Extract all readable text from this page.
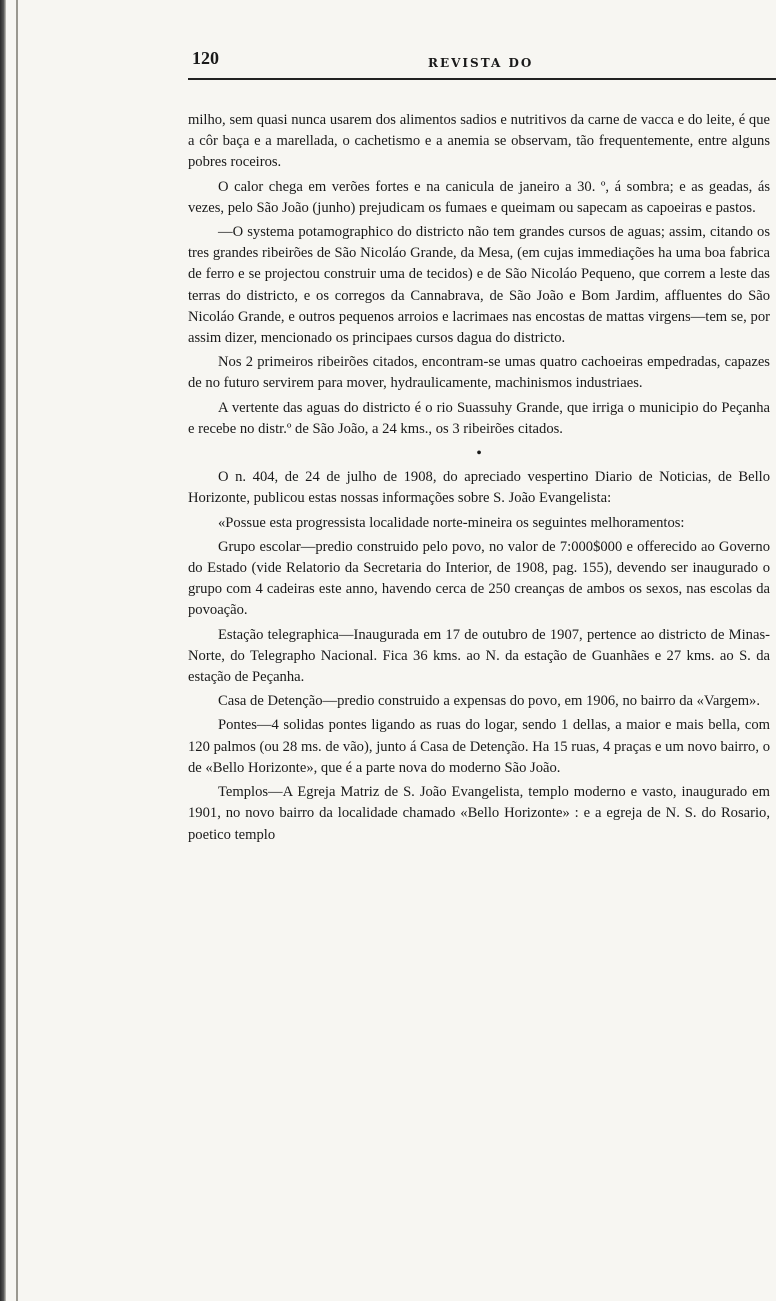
120	REVISTA DO

milho, sem quasi nunca usarem dos alimentos sadios e nutritivos da carne de vacca e do leite, é que a côr baça e a marellada, o cachetismo e a anemia se observam, tão frequentemente, entre alguns pobres roceiros.

O calor chega em verões fortes e na canicula de janeiro a 30. º, á sombra; e as geadas, ás vezes, pelo São João (junho) prejudicam os fumaes e queimam ou sapecam as capoeiras e pastos.

—O systema potamographico do districto não tem grandes cursos de aguas; assim, citando os tres grandes ribeirões de São Nicoláo Grande, da Mesa, (em cujas immediações ha uma boa fabrica de ferro e se projectou construir uma de tecidos) e de São Nicoláo Pequeno, que correm a leste das terras do districto, e os corregos da Cannabrava, de São João e Bom Jardim, affluentes do São Nicoláo Grande, e outros pequenos arroios e lacrimaes nas encostas de mattas virgens—tem se, por assim dizer, mencionado os principaes cursos dagua do districto.

Nos 2 primeiros ribeirões citados, encontram-se umas quatro cachoeiras empedradas, capazes de no futuro servirem para mover, hydraulicamente, machinismos industriaes.

A vertente das aguas do districto é o rio Suassuhy Grande, que irriga o municipio do Peçanha e recebe no distr.º de São João, a 24 kms., os 3 ribeirões citados.

•

O n. 404, de 24 de julho de 1908, do apreciado vespertino Diario de Noticias, de Bello Horizonte, publicou estas nossas informações sobre S. João Evangelista:

«Possue esta progressista localidade norte-mineira os seguintes melhoramentos:

Grupo escolar—predio construido pelo povo, no valor de 7:000$000 e offerecido ao Governo do Estado (vide Relatorio da Secretaria do Interior, de 1908, pag. 155), devendo ser inaugurado o grupo com 4 cadeiras este anno, havendo cerca de 250 creanças de ambos os sexos, nas escolas da povoação.

Estação telegraphica—Inaugurada em 17 de outubro de 1907, pertence ao districto de Minas-Norte, do Telegrapho Nacional. Fica 36 kms. ao N. da estação de Guanhães e 27 kms. ao S. da estação de Peçanha.

Casa de Detenção—predio construido a expensas do povo, em 1906, no bairro da «Vargem».

Pontes—4 solidas pontes ligando as ruas do logar, sendo 1 dellas, a maior e mais bella, com 120 palmos (ou 28 ms. de vão), junto á Casa de Detenção. Ha 15 ruas, 4 praças e um novo bairro, o de «Bello Horizonte», que é a parte nova do moderno São João.

Templos—A Egreja Matriz de S. João Evangelista, templo moderno e vasto, inaugurado em 1901, no novo bairro da localidade chamado «Bello Horizonte» : e a egreja de N. S. do Rosario, poetico templo
